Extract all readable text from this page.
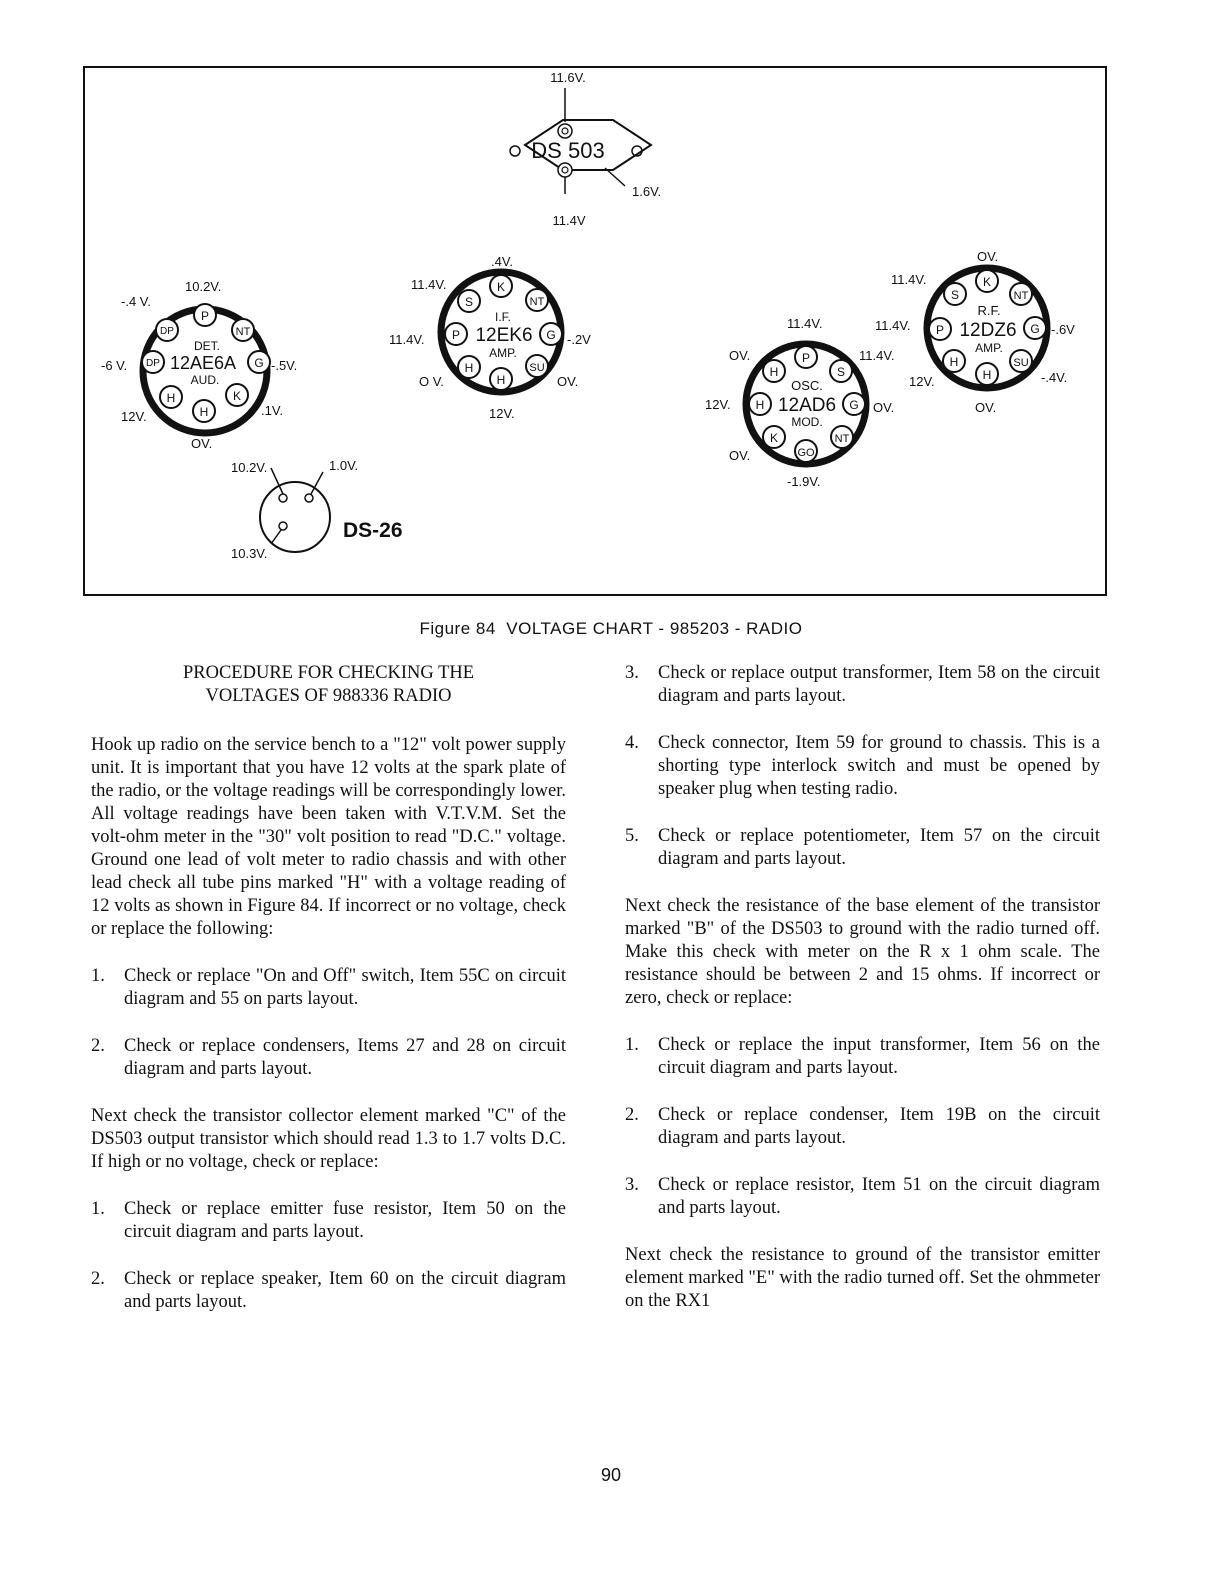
DS 503
11.6V.
1.6V.
11.4V
P
NT
G
K
H
H
DP
DP
DET.
12AE6A
AUD.
10.2V.
-.4 V.
-6 V.	-.5V.
.1V.
12V.
OV.
K
S	NT
P	G
H
H
SU
I.F.
12EK6
AMP.
.4V.
11.4V.
11.4V.	-.2V
O V.	OV.
12V.
P
H	S
H	G
K	NT
GO
OSC.
12AD6
MOD.
11.4V.
OV.	11.4V.
12V.	OV.
OV.
-1.9V.
K
S	NT
P	G
H
H
SU
R.F.
12DZ6
AMP.
OV.
11.4V.
11.4V.	-.6V
12V.	-.4V.
OV.
DS-26
10.2V.	1.0V.
10.3V.
Figure 84 VOLTAGE CHART - 985203 - RADIO
PROCEDURE FOR CHECKING THE
VOLTAGES OF 988336 RADIO

Hook up radio on the service bench to a "12" volt power supply unit. It is important that you have 12 volts at the spark plate of the radio, or the voltage readings will be correspondingly lower. All voltage readings have been taken with V.T.V.M. Set the volt-ohm meter in the "30" volt position to read "D.C." voltage. Ground one lead of volt meter to radio chassis and with other lead check all tube pins marked "H" with a voltage reading of 12 volts as shown in Figure 84. If incorrect or no voltage, check or replace the following:

1.	Check or replace "On and Off" switch, Item 55C on circuit diagram and 55 on parts layout.
2.	Check or replace condensers, Items 27 and 28 on circuit diagram and parts layout.

Next check the transistor collector element marked "C" of the DS503 output transistor which should read 1.3 to 1.7 volts D.C. If high or no voltage, check or replace:

1.	Check or replace emitter fuse resistor, Item 50 on the circuit diagram and parts layout.
2.	Check or replace speaker, Item 60 on the circuit diagram and parts layout.
3.	Check or replace output transformer, Item 58 on the circuit diagram and parts layout.
4.	Check connector, Item 59 for ground to chassis. This is a shorting type interlock switch and must be opened by speaker plug when testing radio.
5.	Check or replace potentiometer, Item 57 on the circuit diagram and parts layout.

Next check the resistance of the base element of the transistor marked "B" of the DS503 to ground with the radio turned off. Make this check with meter on the R x 1 ohm scale. The resistance should be between 2 and 15 ohms. If incorrect or zero, check or replace:

1.	Check or replace the input transformer, Item 56 on the circuit diagram and parts layout.
2.	Check or replace condenser, Item 19B on the circuit diagram and parts layout.
3.	Check or replace resistor, Item 51 on the circuit diagram and parts layout.

Next check the resistance to ground of the transistor emitter element marked "E" with the radio turned off. Set the ohmmeter on the RX1

90
